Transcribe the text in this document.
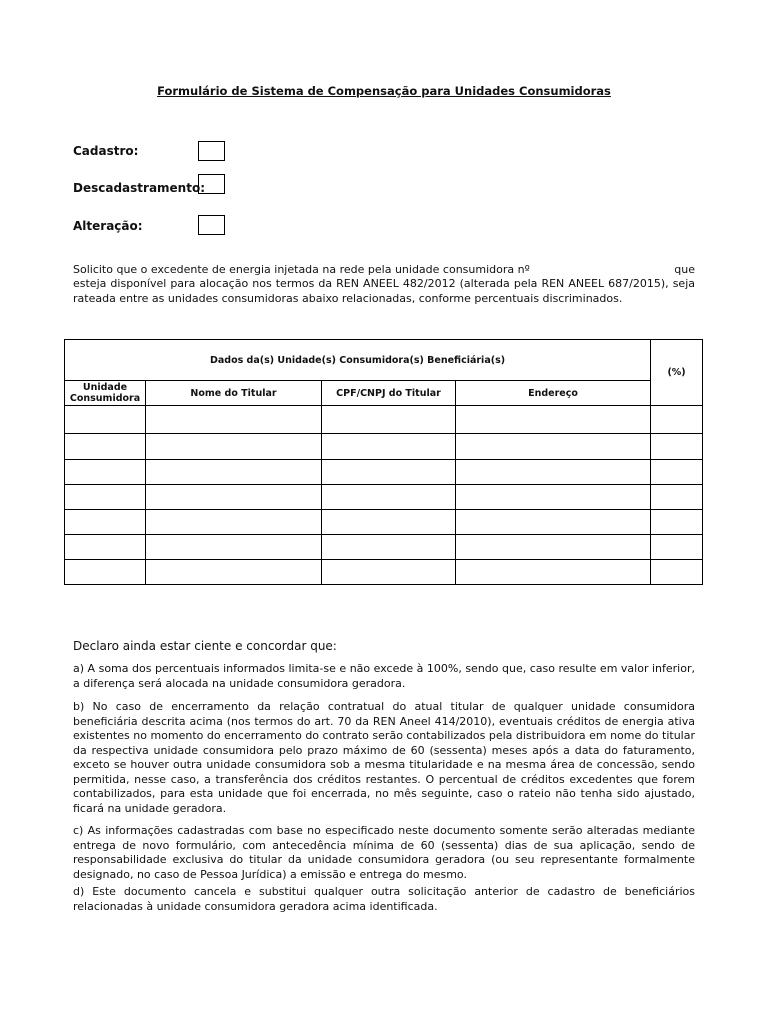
Formulário de Sistema de Compensação para Unidades Consumidoras
Cadastro:
Descadastramento:
Alteração:
Solicito que o excedente de energia injetada na rede pela unidade consumidora nº	que
esteja disponível para alocação nos termos da REN ANEEL 482/2012 (alterada pela REN ANEEL 687/2015), seja rateada entre as unidades consumidoras abaixo relacionadas, conforme percentuais discriminados.
Dados da(s) Unidade(s) Consumidora(s) Beneficiária(s)				(%)
Unidade Consumidora	Nome do Titular	CPF/CNPJ do Titular	Endereço	

Declaro ainda estar ciente e concordar que:
a) A soma dos percentuais informados limita-se e não excede à 100%, sendo que, caso resulte em valor inferior, a diferença será alocada na unidade consumidora geradora.
b) No caso de encerramento da relação contratual do atual titular de qualquer unidade consumidora beneficiária descrita acima (nos termos do art. 70 da REN Aneel 414/2010), eventuais créditos de energia ativa existentes no momento do encerramento do contrato serão contabilizados pela distribuidora em nome do titular da respectiva unidade consumidora pelo prazo máximo de 60 (sessenta) meses após a data do faturamento, exceto se houver outra unidade consumidora sob a mesma titularidade e na mesma área de concessão, sendo permitida, nesse caso, a transferência dos créditos restantes. O percentual de créditos excedentes que forem contabilizados, para esta unidade que foi encerrada, no mês seguinte, caso o rateio não tenha sido ajustado, ficará na unidade geradora.
c) As informações cadastradas com base no especificado neste documento somente serão alteradas mediante entrega de novo formulário, com antecedência mínima de 60 (sessenta) dias de sua aplicação, sendo de responsabilidade exclusiva do titular da unidade consumidora geradora (ou seu representante formalmente designado, no caso de Pessoa Jurídica) a emissão e entrega do mesmo.
d) Este documento cancela e substitui qualquer outra solicitação anterior de cadastro de beneficiários relacionadas à unidade consumidora geradora acima identificada.
